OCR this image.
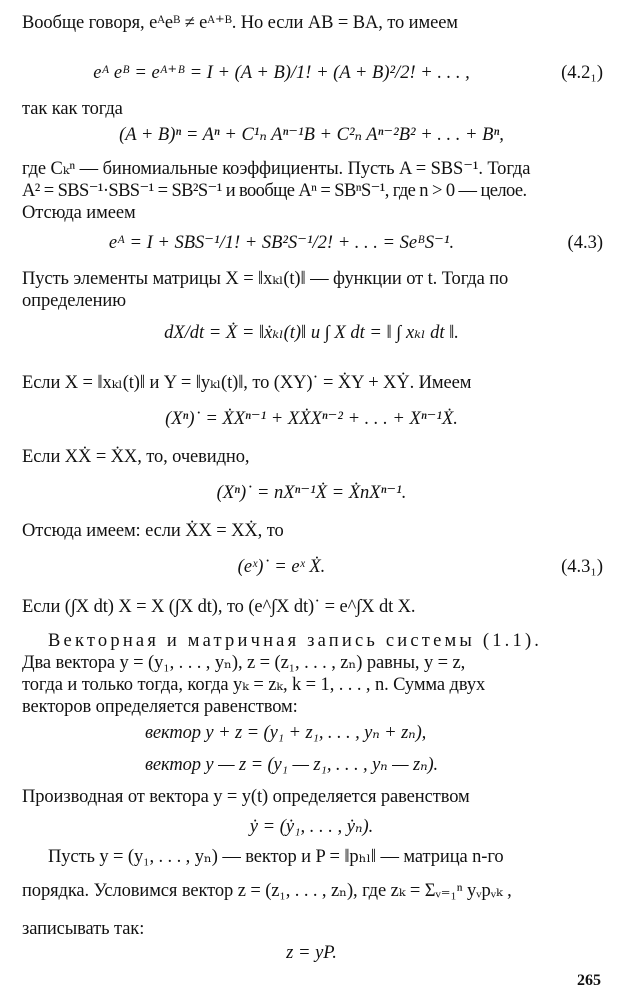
Вообще говоря, eᴬeᴮ ≠ eᴬ⁺ᴮ. Но если AB = BA, то имеем
eᴬ eᴮ = eᴬ⁺ᴮ = I + (A + B)/1! + (A + B)²/2! + . . . ,	(4.2₁)
так как тогда
(A + B)ⁿ = Aⁿ + C¹ₙ Aⁿ⁻¹B + C²ₙ Aⁿ⁻²B² + . . . + Bⁿ,
где Cₖⁿ — биномиальные коэффициенты. Пусть A = SBS⁻¹. Тогда
A² = SBS⁻¹·SBS⁻¹ = SB²S⁻¹ и вообще Aⁿ = SBⁿS⁻¹, где n > 0 — целое.
Отсюда имеем
eᴬ = I + SBS⁻¹/1! + SB²S⁻¹/2! + . . . = SeᴮS⁻¹.	(4.3)
Пусть элементы матрицы X = ‖xₖₗ(t)‖ — функции от t. Тогда по
определению
dX/dt = Ẋ = ‖ẋₖₗ(t)‖ и ∫ X dt = ‖ ∫ xₖₗ dt ‖.
Если X = ‖xₖₗ(t)‖ и Y = ‖yₖₗ(t)‖, то (XY)˙ = ẊY + XẎ. Имеем
(Xⁿ)˙ = ẊXⁿ⁻¹ + XẊXⁿ⁻² + . . . + Xⁿ⁻¹Ẋ.
Если XẊ = ẊX, то, очевидно,
(Xⁿ)˙ = nXⁿ⁻¹Ẋ = ẊnXⁿ⁻¹.
Отсюда имеем: если ẊX = XẊ, то
(eˣ)˙ = eˣ Ẋ.	(4.3₁)
Если (∫X dt) X = X (∫X dt), то (e^∫X dt)˙ = e^∫X dt X.
Векторная и матричная запись системы (1.1).
Два вектора y = (y₁, . . . , yₙ), z = (z₁, . . . , zₙ) равны, y = z,
тогда и только тогда, когда yₖ = zₖ, k = 1, . . . , n. Сумма двух
векторов определяется равенством:
вектор y + z = (y₁ + z₁, . . . , yₙ + zₙ),
вектор y — z = (y₁ — z₁, . . . , yₙ — zₙ).
Производная от вектора y = y(t) определяется равенством
ẏ = (ẏ₁, . . . , ẏₙ).
Пусть y = (y₁, . . . , yₙ) — вектор и P = ‖pₕₗ‖ — матрица n-го
порядка. Условимся вектор z = (z₁, . . . , zₙ), где zₖ = Σᵥ₌₁ⁿ yᵥpᵥₖ ,
записывать так:
z = yP.
265
